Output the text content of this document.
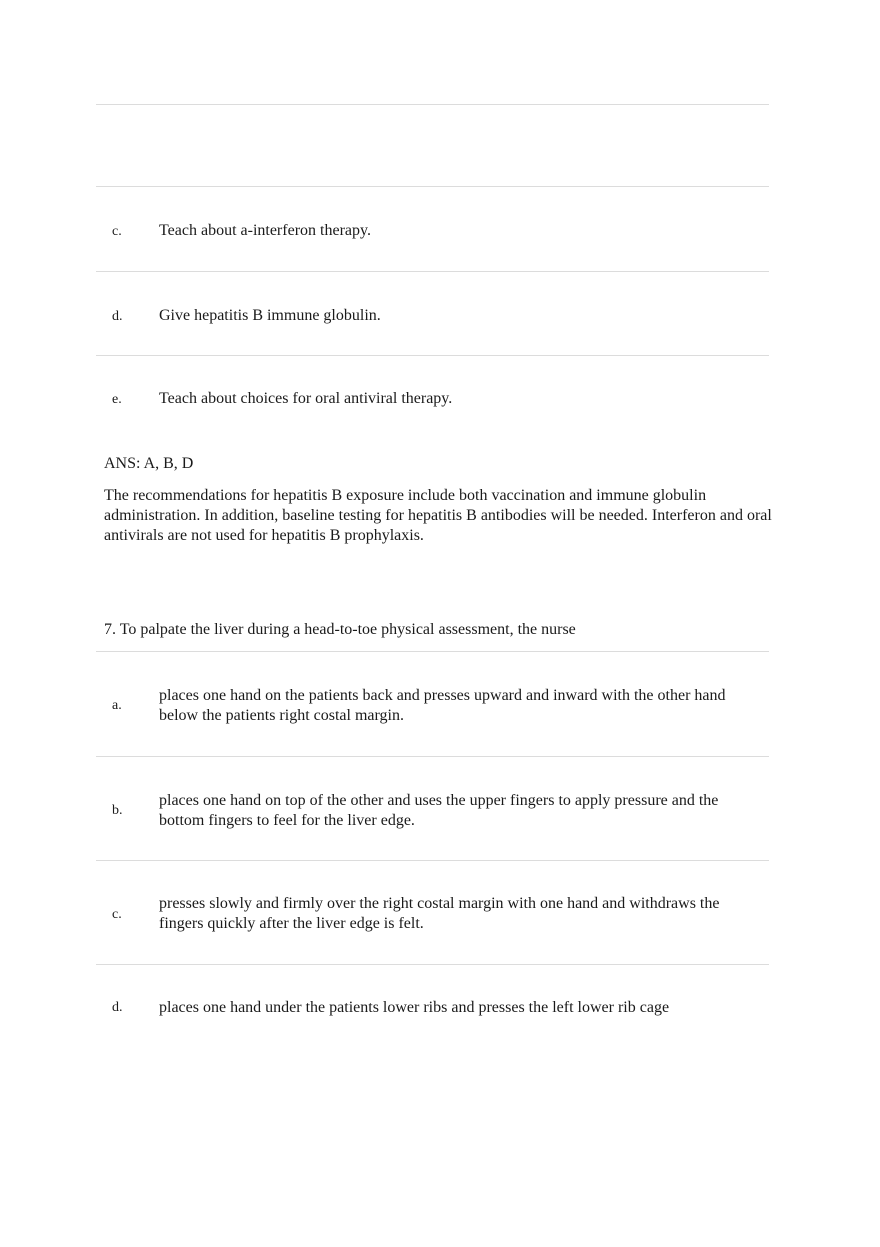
c. Teach about a-interferon therapy.
d. Give hepatitis B immune globulin.
e. Teach about choices for oral antiviral therapy.
ANS: A, B, D
The recommendations for hepatitis B exposure include both vaccination and immune globulin administration. In addition, baseline testing for hepatitis B antibodies will be needed. Interferon and oral antivirals are not used for hepatitis B prophylaxis.
7. To palpate the liver during a head-to-toe physical assessment, the nurse
a.
places one hand on the patients back and presses upward and inward with the other hand below the patients right costal margin.
b.
places one hand on top of the other and uses the upper fingers to apply pressure and the bottom fingers to feel for the liver edge.
c.
presses slowly and firmly over the right costal margin with one hand and withdraws the fingers quickly after the liver edge is felt.
d. places one hand under the patients lower ribs and presses the left lower rib cage
